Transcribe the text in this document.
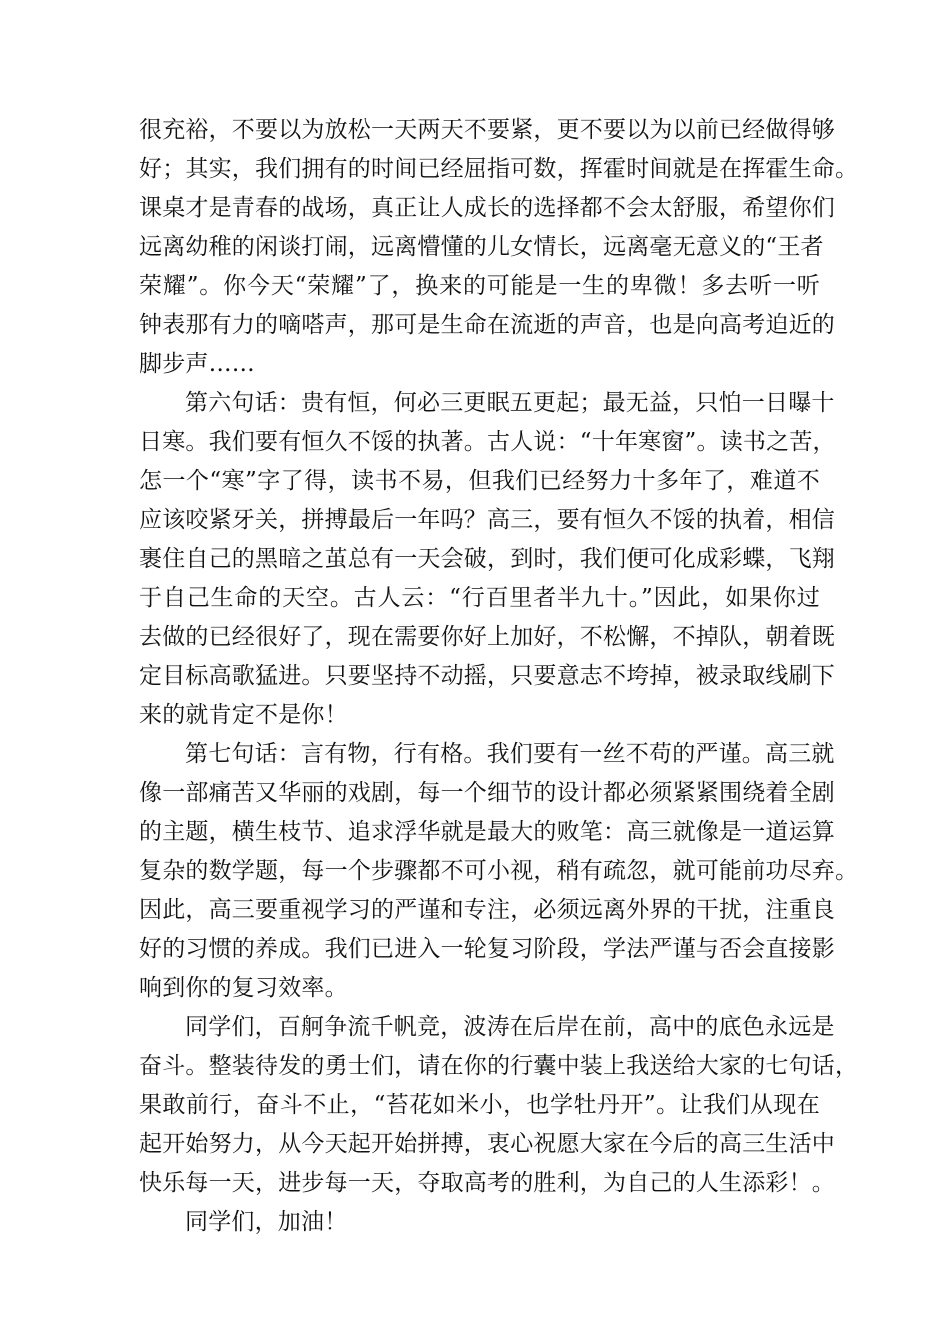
很充裕，不要以为放松一天两天不要紧，更不要以为以前已经做得够
好；其实，我们拥有的时间已经屈指可数，挥霍时间就是在挥霍生命。
课桌才是青春的战场，真正让人成长的选择都不会太舒服，希望你们
远离幼稚的闲谈打闹，远离懵懂的儿女情长，远离毫无意义的“王者
荣耀”。你今天“荣耀”了，换来的可能是一生的卑微！多去听一听
钟表那有力的嘀嗒声，那可是生命在流逝的声音，也是向高考迫近的
脚步声……
第六句话：贵有恒，何必三更眠五更起；最无益，只怕一日曝十
日寒。我们要有恒久不馁的执著。古人说：“十年寒窗”。读书之苦，
怎一个“寒”字了得，读书不易，但我们已经努力十多年了，难道不
应该咬紧牙关，拼搏最后一年吗？高三，要有恒久不馁的执着，相信
裹住自己的黑暗之茧总有一天会破，到时，我们便可化成彩蝶，飞翔
于自己生命的天空。古人云：“行百里者半九十。”因此，如果你过
去做的已经很好了，现在需要你好上加好，不松懈，不掉队，朝着既
定目标高歌猛进。只要坚持不动摇，只要意志不垮掉，被录取线刷下
来的就肯定不是你！
第七句话：言有物，行有格。我们要有一丝不苟的严谨。高三就
像一部痛苦又华丽的戏剧，每一个细节的设计都必须紧紧围绕着全剧
的主题，横生枝节、追求浮华就是最大的败笔：高三就像是一道运算
复杂的数学题，每一个步骤都不可小视，稍有疏忽，就可能前功尽弃。
因此，高三要重视学习的严谨和专注，必须远离外界的干扰，注重良
好的习惯的养成。我们已进入一轮复习阶段，学法严谨与否会直接影
响到你的复习效率。
同学们，百舸争流千帆竞，波涛在后岸在前，高中的底色永远是
奋斗。整装待发的勇士们，请在你的行囊中装上我送给大家的七句话，
果敢前行，奋斗不止，“苔花如米小，也学牡丹开”。让我们从现在
起开始努力，从今天起开始拼搏，衷心祝愿大家在今后的高三生活中
快乐每一天，进步每一天，夺取高考的胜利，为自己的人生添彩！。
同学们，加油！
